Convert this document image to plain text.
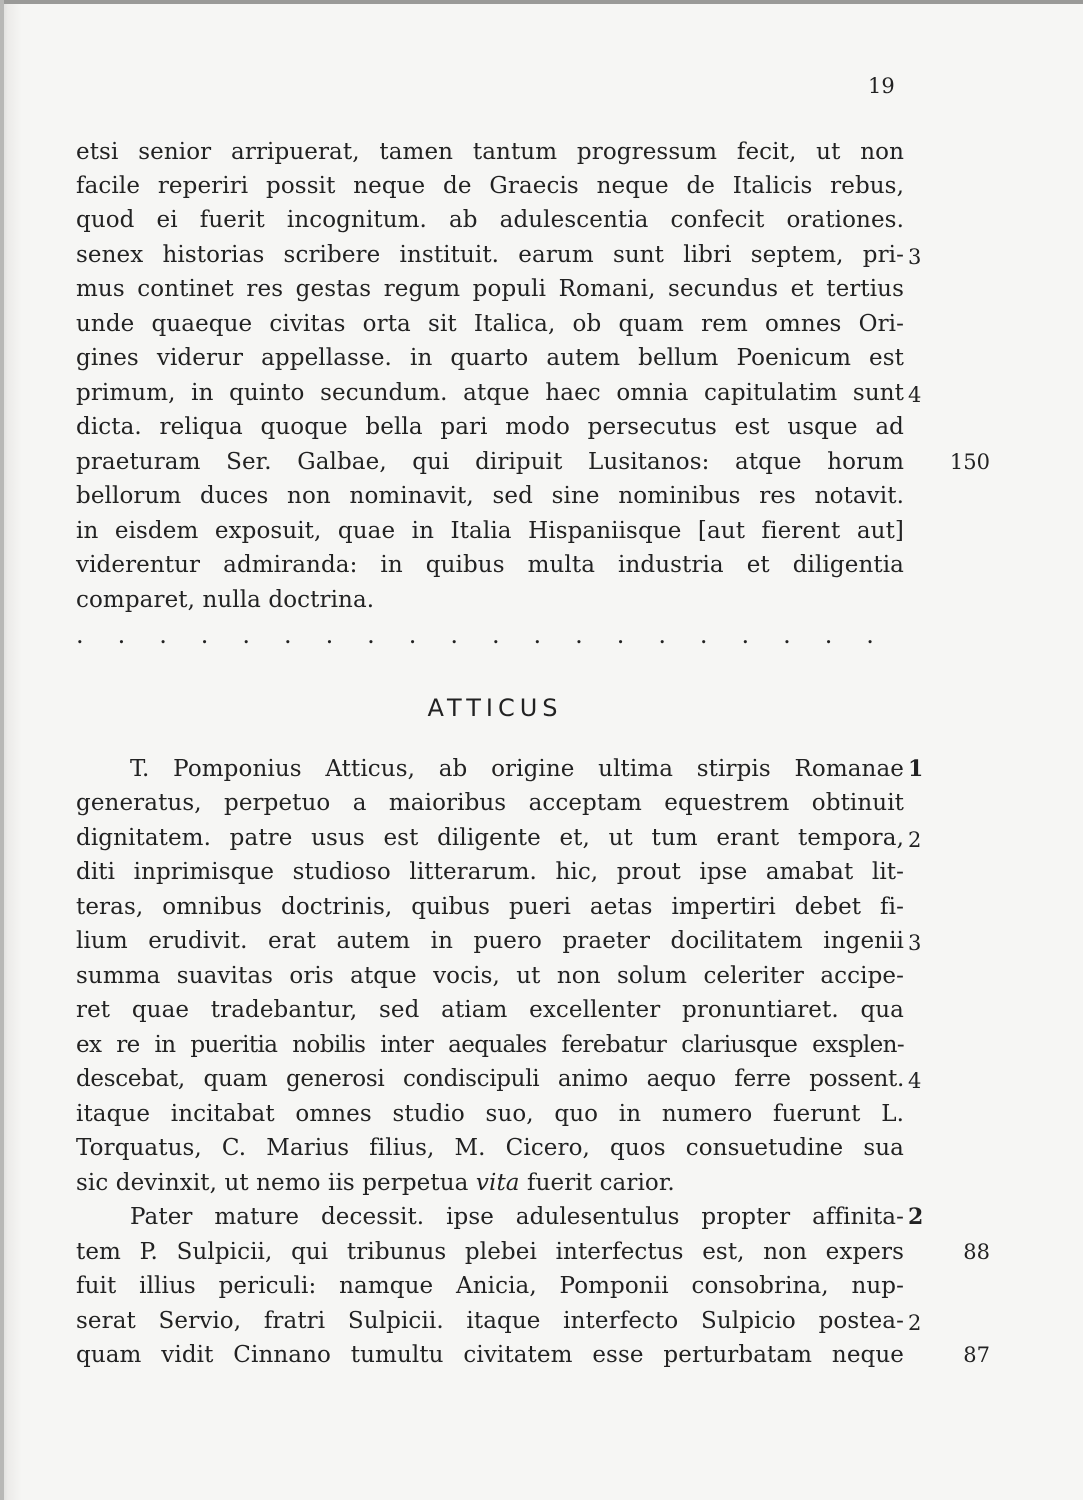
19
etsi senior arripuerat, tamen tantum progressum fecit, ut non
facile reperiri possit neque de Graecis neque de Italicis rebus,
quod ei fuerit incognitum. ab adulescentia confecit orationes.
senex historias scribere instituit. earum sunt libri septem, pri-
mus continet res gestas regum populi Romani, secundus et tertius
unde quaeque civitas orta sit Italica, ob quam rem omnes Ori-
gines viderur appellasse. in quarto autem bellum Poenicum est
primum, in quinto secundum. atque haec omnia capitulatim sunt
dicta. reliqua quoque bella pari modo persecutus est usque ad
praeturam Ser. Galbae, qui diripuit Lusitanos: atque horum
bellorum duces non nominavit, sed sine nominibus res notavit.
in eisdem exposuit, quae in Italia Hispaniisque [aut fierent aut]
viderentur admiranda: in quibus multa industria et diligentia
comparet, nulla doctrina.
3
4
150
. . . . . . . . . . . . . . . . . . . .
ATTICUS
T. Pomponius Atticus, ab origine ultima stirpis Romanae
generatus, perpetuo a maioribus acceptam equestrem obtinuit
dignitatem. patre usus est diligente et, ut tum erant tempora,
diti inprimisque studioso litterarum. hic, prout ipse amabat lit-
teras, omnibus doctrinis, quibus pueri aetas impertiri debet fi-
lium erudivit. erat autem in puero praeter docilitatem ingenii
summa suavitas oris atque vocis, ut non solum celeriter accipe-
ret quae tradebantur, sed atiam excellenter pronuntiaret. qua
ex re in pueritia nobilis inter aequales ferebatur clariusque exsplen-
descebat, quam generosi condiscipuli animo aequo ferre possent.
itaque incitabat omnes studio suo, quo in numero fuerunt L.
Torquatus, C. Marius filius, M. Cicero, quos consuetudine sua
sic devinxit, ut nemo iis perpetua vita fuerit carior.
Pater mature decessit. ipse adulesentulus propter affinita-
tem P. Sulpicii, qui tribunus plebei interfectus est, non expers
fuit illius periculi: namque Anicia, Pomponii consobrina, nup-
serat Servio, fratri Sulpicii. itaque interfecto Sulpicio postea-
quam vidit Cinnano tumultu civitatem esse perturbatam neque
1
2
3
4
2
2
88
87
